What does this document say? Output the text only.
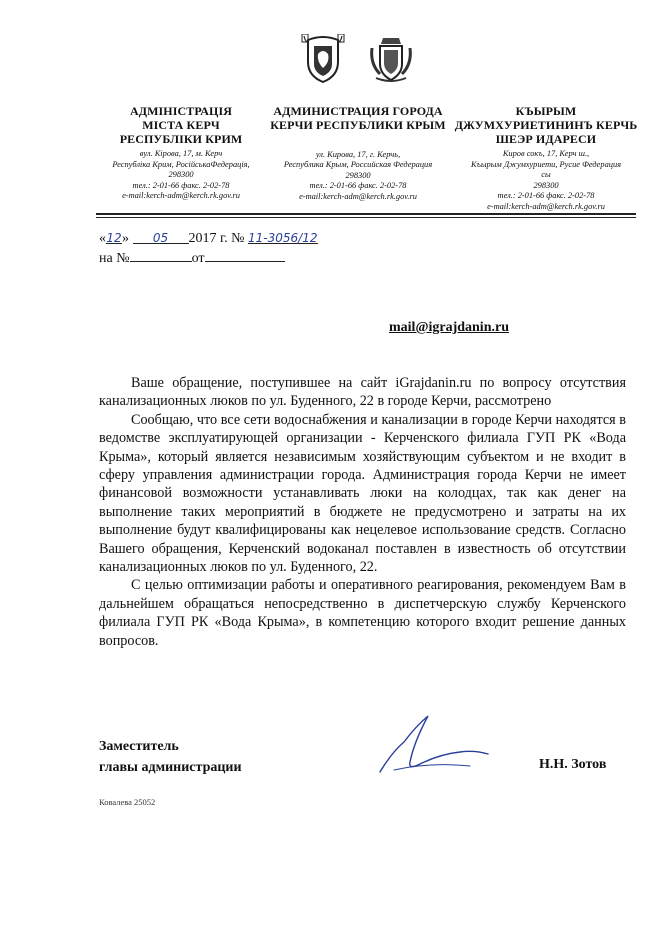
АДМІНІСТРАЦІЯ
МІСТА КЕРЧ
РЕСПУБЛІКИ КРИМ
вул. Кірова, 17, м. Керч
Республіка Крим, РосійськаФедерація,
298300
тел.: 2-01-66 факс. 2-02-78
e-mail:kerch-adm@kerch.rk.gov.ru
АДМИНИСТРАЦИЯ ГОРОДА
КЕРЧИ РЕСПУБЛИКИ КРЫМ
ул. Кирова, 17, г. Керчь,
Республика Крым, Российская Федерация
298300
тел.: 2-01-66 факс. 2-02-78
e-mail:kerch-adm@kerch.rk.gov.ru
КЪЫРЫМ
ДЖУМХУРИЕТИНИНЪ КЕРЧЬ
ШЕЭР ИДАРЕСИ
Киров сокъ, 17, Керч ш.,
Къырым Джумхуриети, Русие Федерация
сы
298300
тел.: 2-01-66 факс. 2-02-78
e-mail:kerch-adm@kerch.rk.gov.ru
«12» 05 2017 г. № 11-3056/12
на №	от
mail@igrajdanin.ru

Ваше обращение, поступившее на сайт iGrajdanin.ru по вопросу отсутствия канализационных люков по ул. Буденного, 22 в городе Керчи, рассмотрено

Сообщаю, что все сети водоснабжения и канализации в городе Керчи находятся в ведомстве эксплуатирующей организации - Керченского филиала ГУП РК «Вода Крыма», который является независимым хозяйствующим субъектом и не входит в сферу управления администрации города. Администрация города Керчи не имеет финансовой возможности устанавливать люки на колодцах, так как денег на выполнение таких мероприятий в бюджете не предусмотрено и затраты на их выполнение будут квалифицированы как нецелевое использование средств. Согласно Вашего обращения, Керченский водоканал поставлен в известность об отсутствии канализационных люков по ул. Буденного, 22.

С целью оптимизации работы и оперативного реагирования, рекомендуем Вам в дальнейшем обращаться непосредственно в диспетчерскую службу Керченского филиала ГУП РК «Вода Крыма», в компетенцию которого входит решение данных вопросов.

Заместитель
главы администрации	Н.Н. Зотов
Ковалева 25052
